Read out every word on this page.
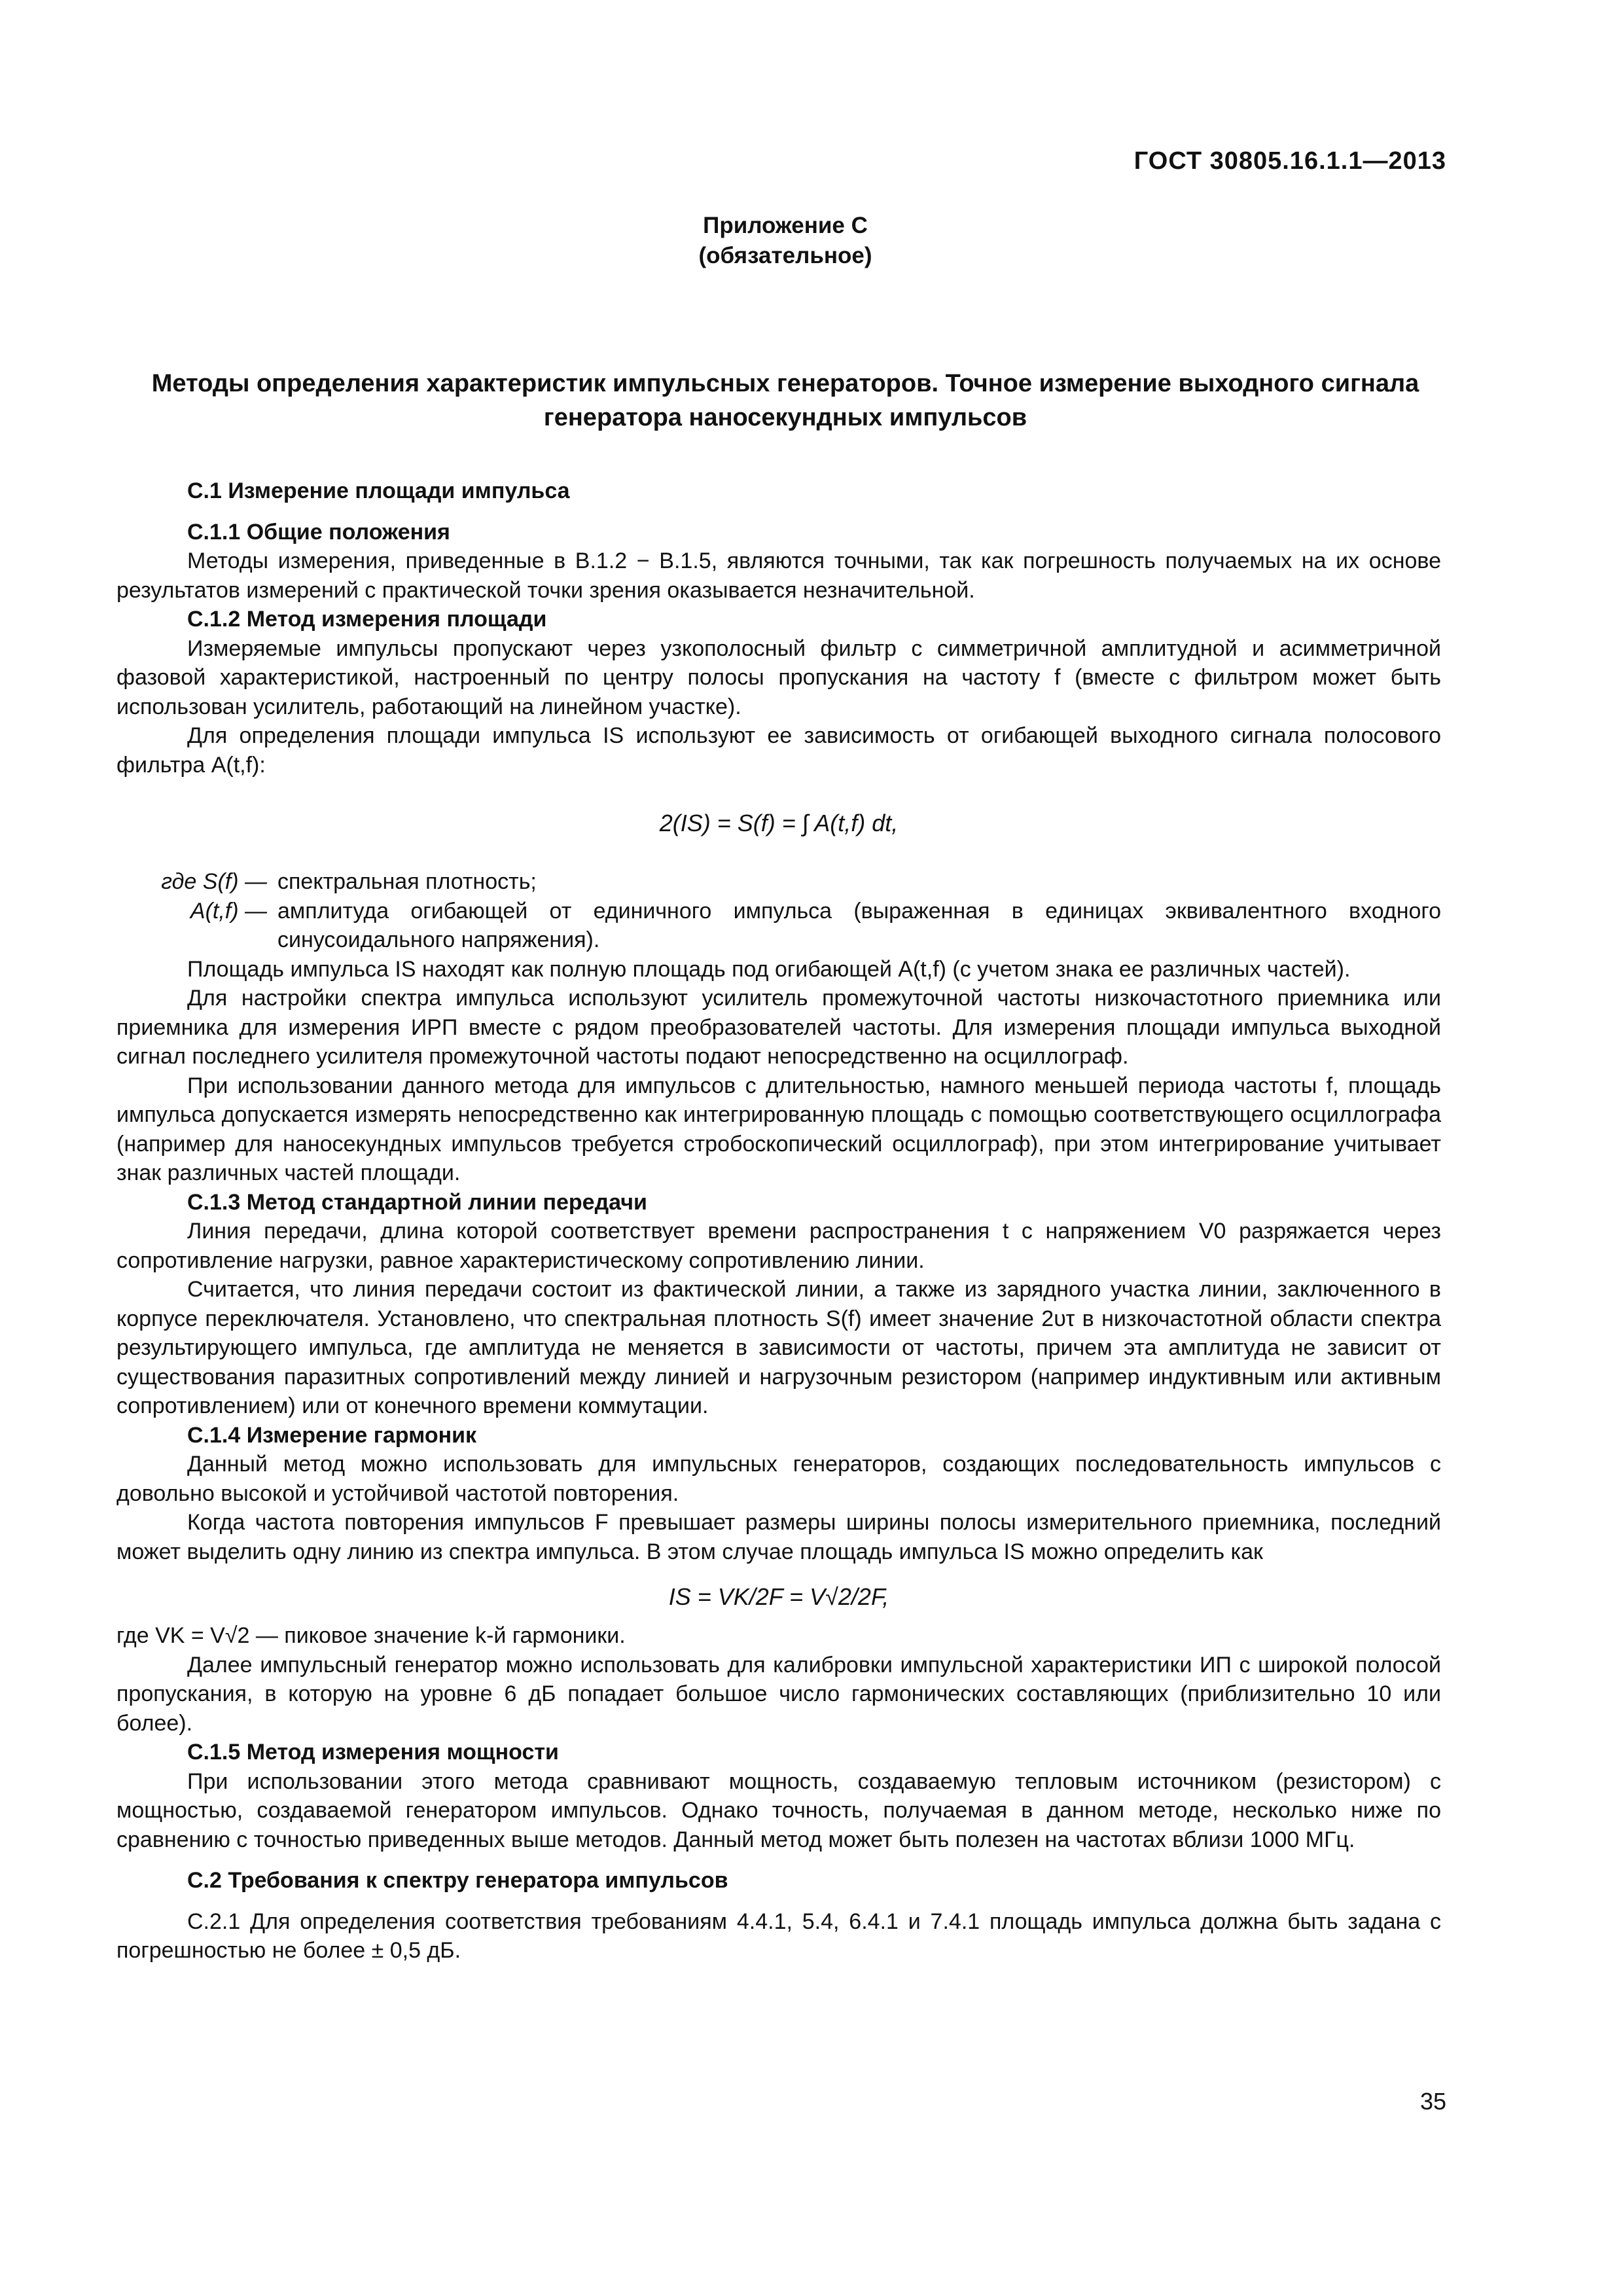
ГОСТ 30805.16.1.1—2013
Приложение С
(обязательное)
Методы определения характеристик импульсных генераторов. Точное измерение выходного сигнала генератора наносекундных импульсов
С.1 Измерение площади импульса
С.1.1 Общие положения

Методы измерения, приведенные в В.1.2 − В.1.5, являются точными, так как погрешность получаемых на их основе результатов измерений с практической точки зрения оказывается незначительной.

С.1.2 Метод измерения площади

Измеряемые импульсы пропускают через узкополосный фильтр с симметричной амплитудной и асимметричной фазовой характеристикой, настроенный по центру полосы пропускания на частоту f (вместе с фильтром может быть использован усилитель, работающий на линейном участке).

Для определения площади импульса IS используют ее зависимость от огибающей выходного сигнала полосового фильтра A(t,f):

2(IS) = S(f) = ∫ A(t,f) dt,
где S(f) — спектральная плотность;
A(t,f) — амплитуда огибающей от единичного импульса (выраженная в единицах эквивалентного входного синусоидального напряжения).

Площадь импульса IS находят как полную площадь под огибающей A(t,f) (с учетом знака ее различных частей).

Для настройки спектра импульса используют усилитель промежуточной частоты низкочастотного приемника или приемника для измерения ИРП вместе с рядом преобразователей частоты. Для измерения площади импульса выходной сигнал последнего усилителя промежуточной частоты подают непосредственно на осциллограф.

При использовании данного метода для импульсов с длительностью, намного меньшей периода частоты f, площадь импульса допускается измерять непосредственно как интегрированную площадь с помощью соответствующего осциллографа (например для наносекундных импульсов требуется стробоскопический осциллограф), при этом интегрирование учитывает знак различных частей площади.

С.1.3 Метод стандартной линии передачи

Линия передачи, длина которой соответствует времени распространения t с напряжением V0 разряжается через сопротивление нагрузки, равное характеристическому сопротивлению линии.

Считается, что линия передачи состоит из фактической линии, а также из зарядного участка линии, заключенного в корпусе переключателя. Установлено, что спектральная плотность S(f) имеет значение 2υτ в низкочастотной области спектра результирующего импульса, где амплитуда не меняется в зависимости от частоты, причем эта амплитуда не зависит от существования паразитных сопротивлений между линией и нагрузочным резистором (например индуктивным или активным сопротивлением) или от конечного времени коммутации.

С.1.4 Измерение гармоник

Данный метод можно использовать для импульсных генераторов, создающих последовательность импульсов с довольно высокой и устойчивой частотой повторения.

Когда частота повторения импульсов F превышает размеры ширины полосы измерительного приемника, последний может выделить одну линию из спектра импульса. В этом случае площадь импульса IS можно определить как

IS = VK/2F = V√2/2F,

где VK = V√2 — пиковое значение k-й гармоники.

Далее импульсный генератор можно использовать для калибровки импульсной характеристики ИП с широкой полосой пропускания, в которую на уровне 6 дБ попадает большое число гармонических составляющих (приблизительно 10 или более).

С.1.5 Метод измерения мощности

При использовании этого метода сравнивают мощность, создаваемую тепловым источником (резистором) с мощностью, создаваемой генератором импульсов. Однако точность, получаемая в данном методе, несколько ниже по сравнению с точностью приведенных выше методов. Данный метод может быть полезен на частотах вблизи 1000 МГц.

С.2 Требования к спектру генератора импульсов

С.2.1 Для определения соответствия требованиям 4.4.1, 5.4, 6.4.1 и 7.4.1 площадь импульса должна быть задана с погрешностью не более ± 0,5 дБ.

35
